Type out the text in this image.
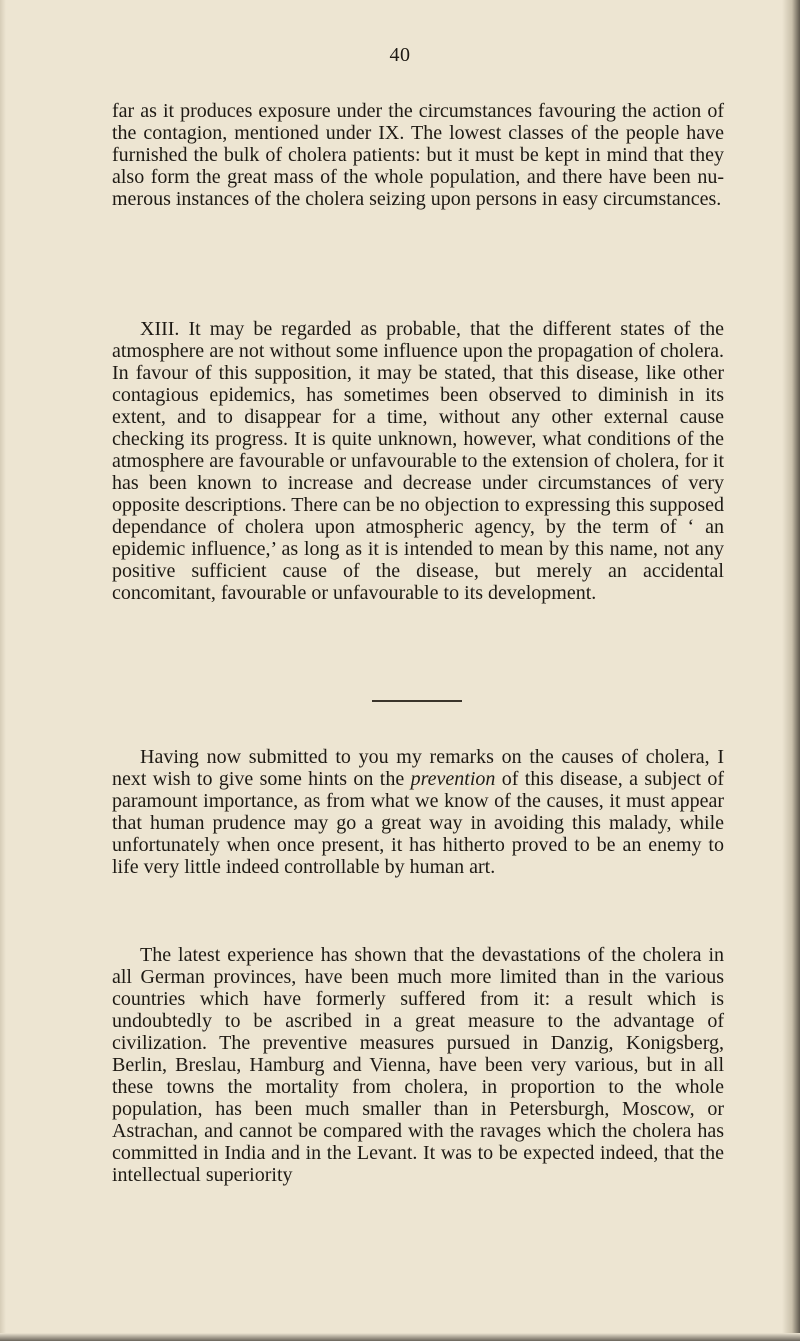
40

far as it produces exposure under the circumstances favouring the action of the contagion, mentioned under IX. The lowest classes of the people have furnished the bulk of cholera patients: but it must be kept in mind that they also form the great mass of the whole population, and there have been numerous instances of the cholera seizing upon persons in easy circumstances.

XIII. It may be regarded as probable, that the different states of the atmosphere are not without some influence upon the propagation of cholera. In favour of this supposition, it may be stated, that this disease, like other contagious epidemics, has sometimes been observed to diminish in its extent, and to disappear for a time, without any other external cause checking its progress. It is quite unknown, however, what conditions of the atmosphere are favourable or unfavourable to the extension of cholera, for it has been known to increase and decrease under circumstances of very opposite descriptions. There can be no objection to expressing this supposed dependance of cholera upon atmospheric agency, by the term of ‘ an epidemic influence,’ as long as it is intended to mean by this name, not any positive sufficient cause of the disease, but merely an accidental concomitant, favourable or unfavourable to its development.

Having now submitted to you my remarks on the causes of cholera, I next wish to give some hints on the prevention of this disease, a subject of paramount importance, as from what we know of the causes, it must appear that human prudence may go a great way in avoiding this malady, while unfortunately when once present, it has hitherto proved to be an enemy to life very little indeed controllable by human art.

The latest experience has shown that the devastations of the cholera in all German provinces, have been much more limited than in the various countries which have formerly suffered from it: a result which is undoubtedly to be ascribed in a great measure to the advantage of civilization. The preventive measures pursued in Danzig, Konigsberg, Berlin, Breslau, Hamburg and Vienna, have been very various, but in all these towns the mortality from cholera, in proportion to the whole population, has been much smaller than in Petersburgh, Moscow, or Astrachan, and cannot be compared with the ravages which the cholera has committed in India and in the Levant. It was to be expected indeed, that the intellectual superiority
